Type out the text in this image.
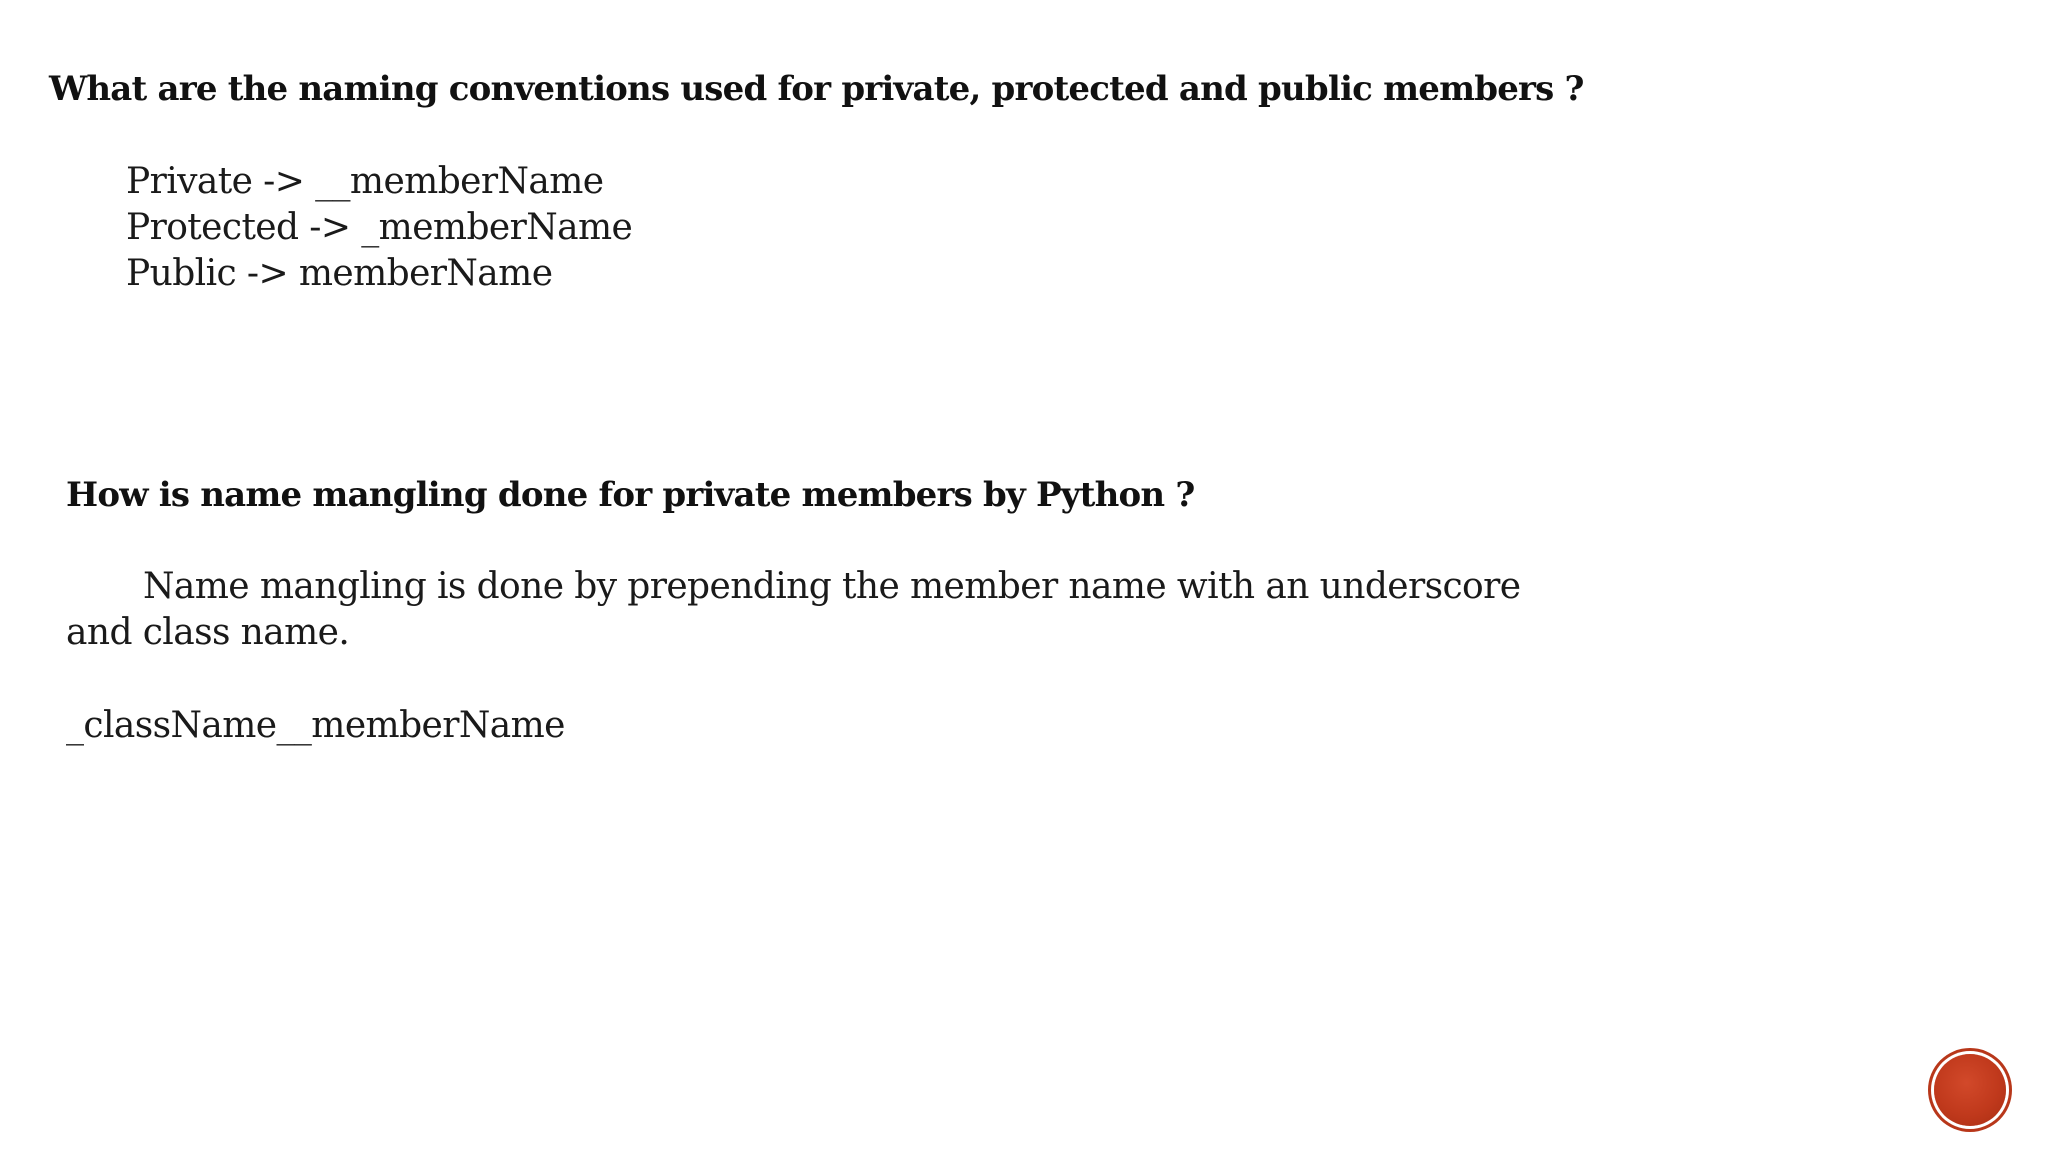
What are the naming conventions used for private, protected and public members ?
Private -> __memberName
Protected -> _memberName
Public -> memberName
How is name mangling done for private members by Python ?

Name mangling is done by prepending the member name with an underscore

and class name.

_className__memberName
